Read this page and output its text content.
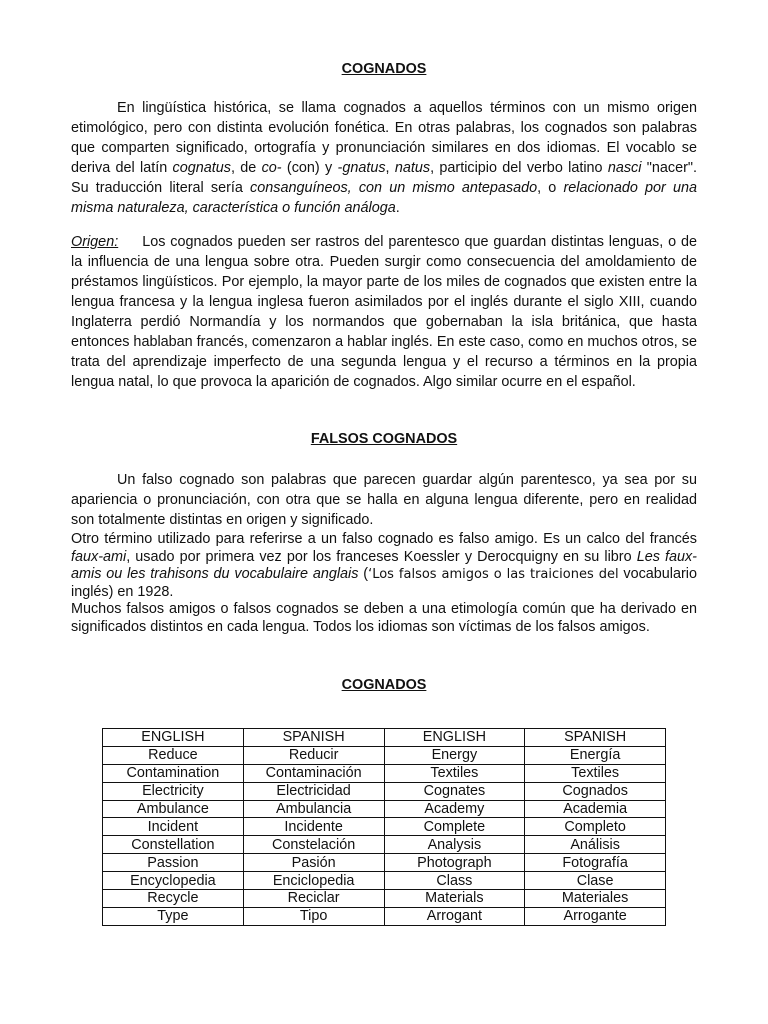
COGNADOS

En lingüística histórica, se llama cognados a aquellos términos con un mismo origen etimológico, pero con distinta evolución fonética. En otras palabras, los cognados son palabras que comparten significado, ortografía y pronunciación similares en dos idiomas. El vocablo se deriva del latín cognatus, de co- (con) y -gnatus, natus, participio del verbo latino nasci "nacer". Su traducción literal sería consanguíneos, con un mismo antepasado, o relacionado por una misma naturaleza, característica o función análoga.

Origen: Los cognados pueden ser rastros del parentesco que guardan distintas lenguas, o de la influencia de una lengua sobre otra. Pueden surgir como consecuencia del amoldamiento de préstamos lingüísticos. Por ejemplo, la mayor parte de los miles de cognados que existen entre la lengua francesa y la lengua inglesa fueron asimilados por el inglés durante el siglo XIII, cuando Inglaterra perdió Normandía y los normandos que gobernaban la isla británica, que hasta entonces hablaban francés, comenzaron a hablar inglés. En este caso, como en muchos otros, se trata del aprendizaje imperfecto de una segunda lengua y el recurso a términos en la propia lengua natal, lo que provoca la aparición de cognados. Algo similar ocurre en el español.

FALSOS COGNADOS

Un falso cognado son palabras que parecen guardar algún parentesco, ya sea por su apariencia o pronunciación, con otra que se halla en alguna lengua diferente, pero en realidad son totalmente distintas en origen y significado.

Otro término utilizado para referirse a un falso cognado es falso amigo. Es un calco del francés faux-ami, usado por primera vez por los franceses Koessler y Derocquigny en su libro Les faux-amis ou les trahisons du vocabulaire anglais (‘Los falsos amigos o las traiciones del vocabulario inglés) en 1928.

Muchos falsos amigos o falsos cognados se deben a una etimología común que ha derivado en significados distintos en cada lengua. Todos los idiomas son víctimas de los falsos amigos.

COGNADOS
ENGLISH	SPANISH	ENGLISH	SPANISH
Reduce	Reducir	Energy	Energía
Contamination	Contaminación	Textiles	Textiles
Electricity	Electricidad	Cognates	Cognados
Ambulance	Ambulancia	Academy	Academia
Incident	Incidente	Complete	Completo
Constellation	Constelación	Analysis	Análisis
Passion	Pasión	Photograph	Fotografía
Encyclopedia	Enciclopedia	Class	Clase
Recycle	Reciclar	Materials	Materiales
Type	Tipo	Arrogant	Arrogante
